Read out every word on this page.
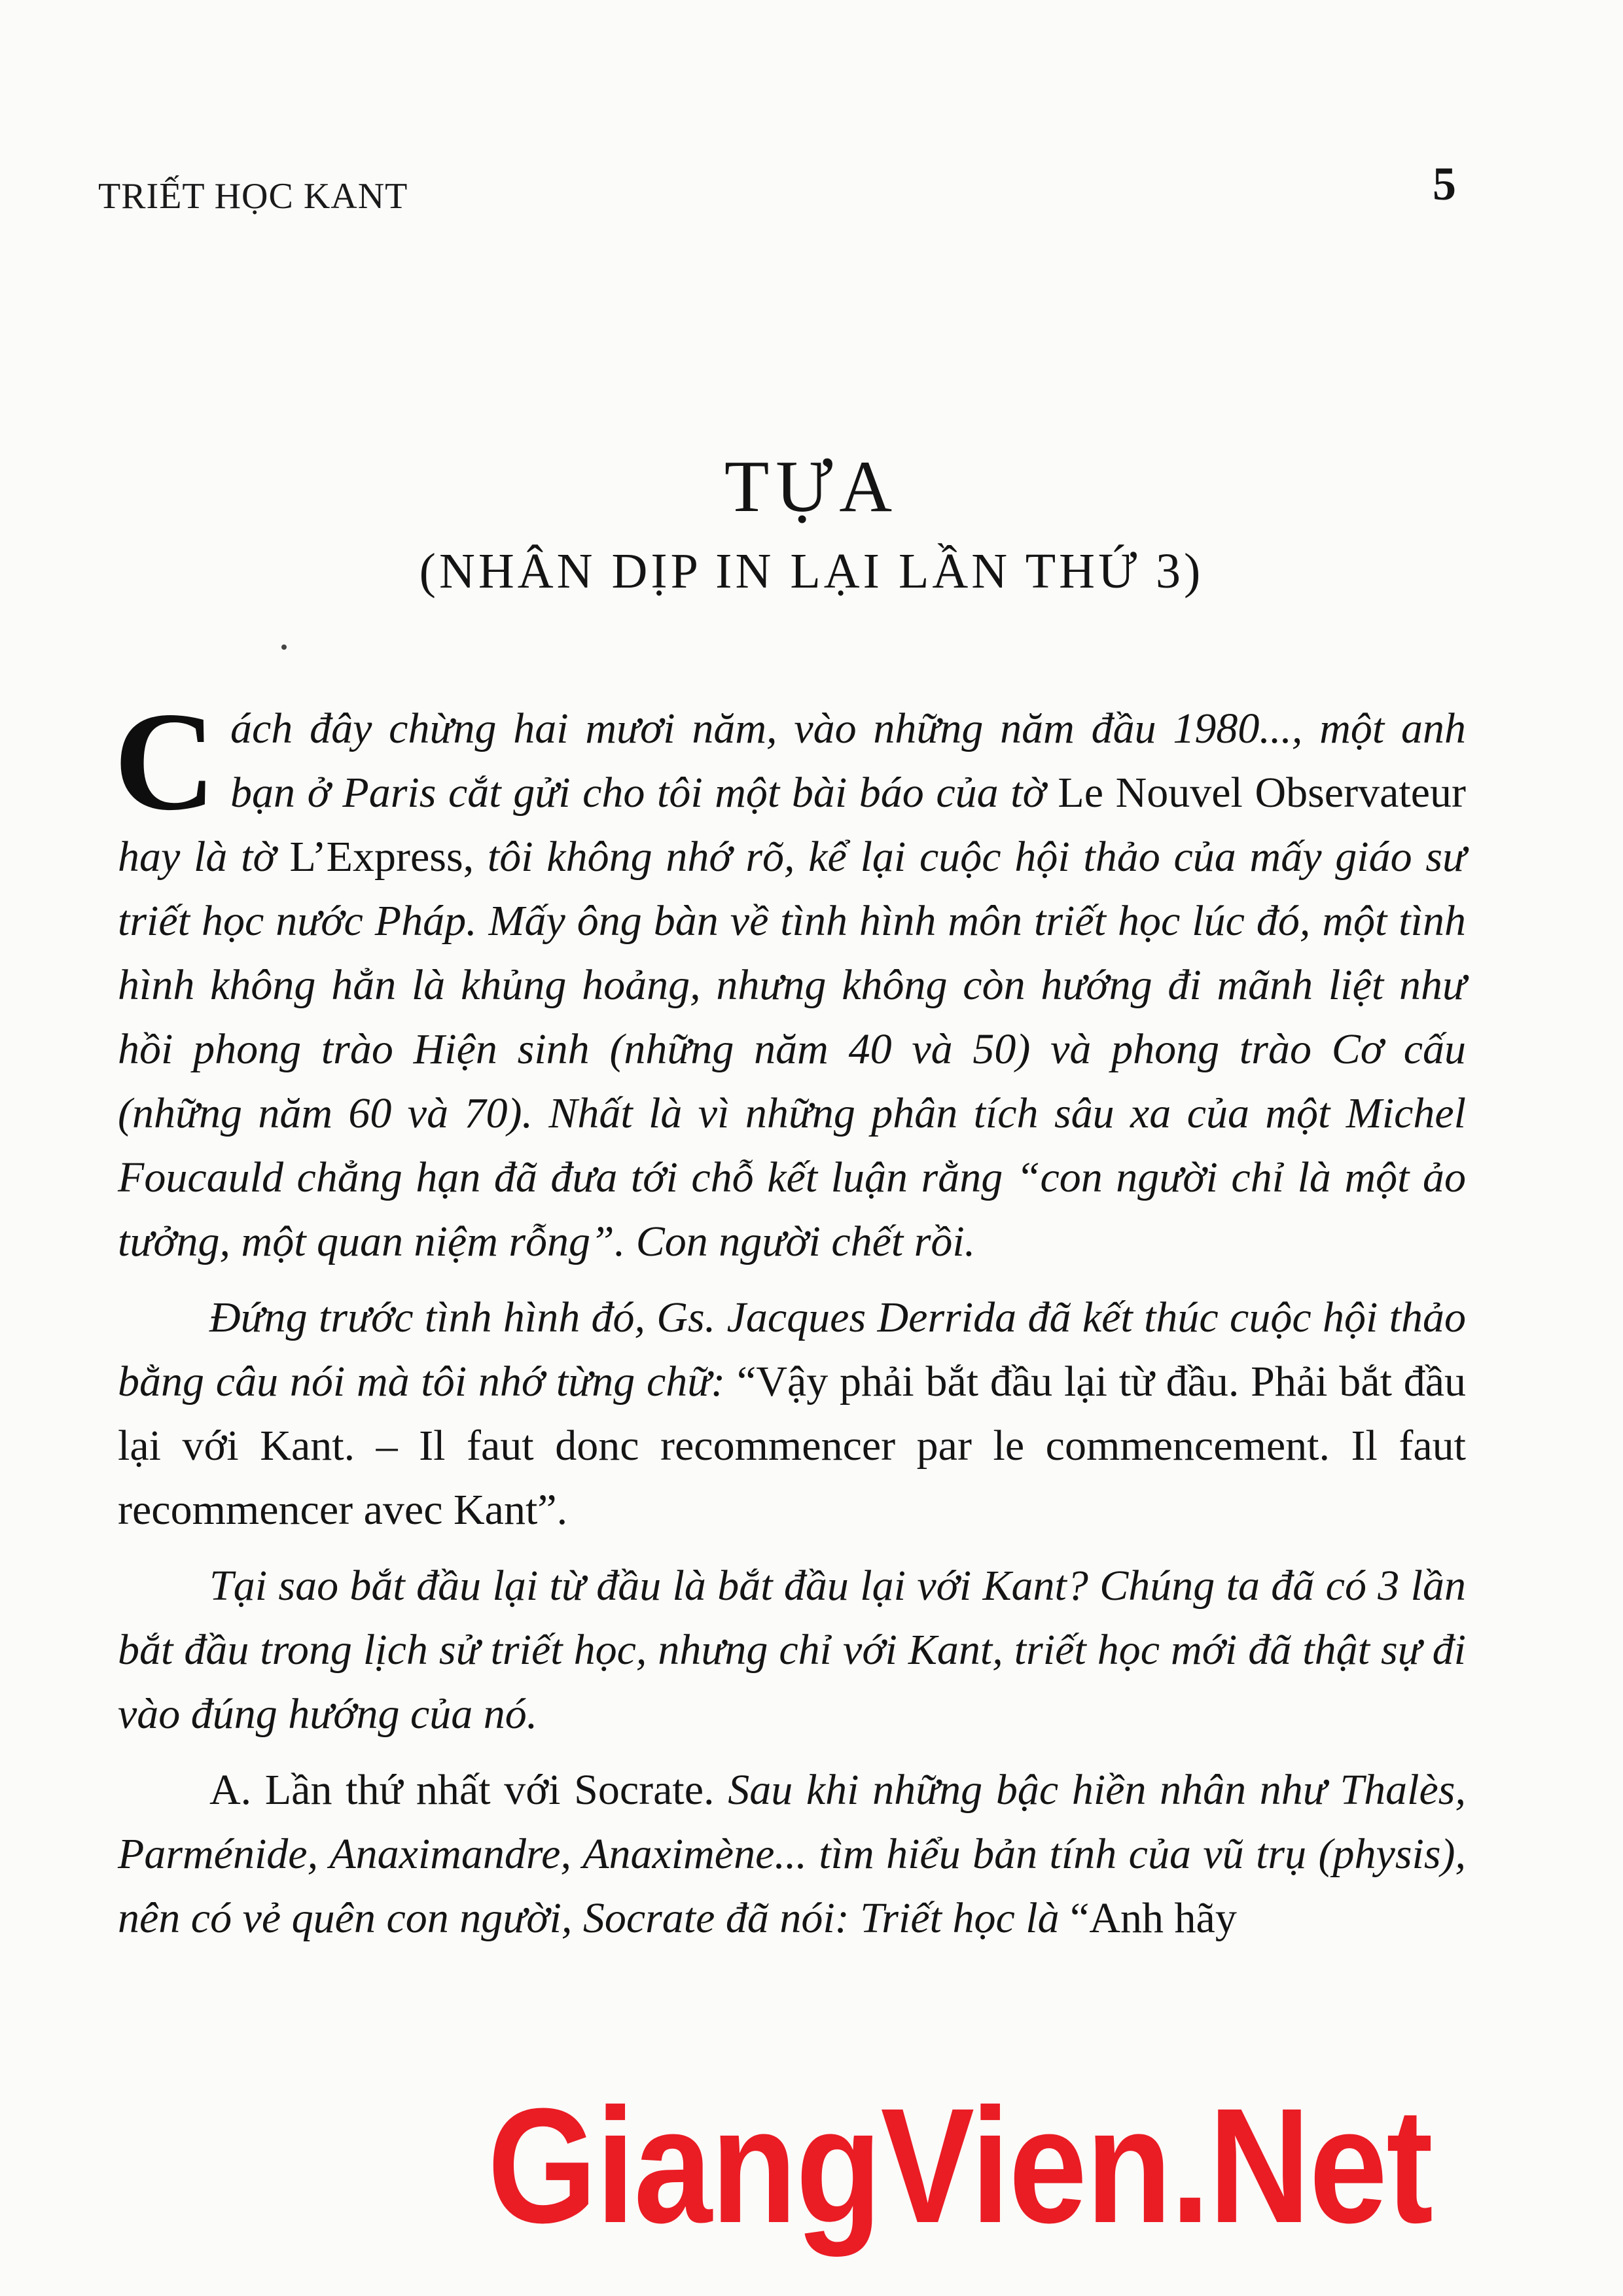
TRIẾT HỌC KANT	5
TỰA
(NHÂN DỊP IN LẠI LẦN THỨ 3)

Cách đây chừng hai mươi năm, vào những năm đầu 1980..., một anh bạn ở Paris cắt gửi cho tôi một bài báo của tờ Le Nouvel Observateur hay là tờ L’Express, tôi không nhớ rõ, kể lại cuộc hội thảo của mấy giáo sư triết học nước Pháp. Mấy ông bàn về tình hình môn triết học lúc đó, một tình hình không hẳn là khủng hoảng, nhưng không còn hướng đi mãnh liệt như hồi phong trào Hiện sinh (những năm 40 và 50) và phong trào Cơ cấu (những năm 60 và 70). Nhất là vì những phân tích sâu xa của một Michel Foucauld chẳng hạn đã đưa tới chỗ kết luận rằng “con người chỉ là một ảo tưởng, một quan niệm rỗng”. Con người chết rồi.

Đứng trước tình hình đó, Gs. Jacques Derrida đã kết thúc cuộc hội thảo bằng câu nói mà tôi nhớ từng chữ: “Vậy phải bắt đầu lại từ đầu. Phải bắt đầu lại với Kant. – Il faut donc recommencer par le commencement. Il faut recommencer avec Kant”.

Tại sao bắt đầu lại từ đầu là bắt đầu lại với Kant? Chúng ta đã có 3 lần bắt đầu trong lịch sử triết học, nhưng chỉ với Kant, triết học mới đã thật sự đi vào đúng hướng của nó.

A. Lần thứ nhất với Socrate. Sau khi những bậc hiền nhân như Thalès, Parménide, Anaximandre, Anaximène... tìm hiểu bản tính của vũ trụ (physis), nên có vẻ quên con người, Socrate đã nói: Triết học là “Anh hãy

GiangVien.Net
